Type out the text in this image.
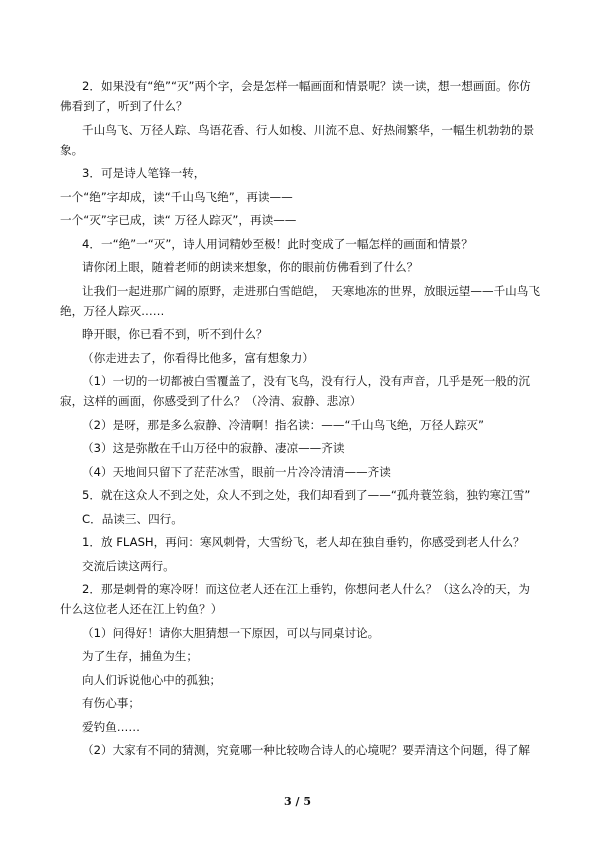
2．如果没有“绝”“灭”两个字，会是怎样一幅画面和情景呢？读一读，想一想画面。你仿佛看到了，听到了什么？

千山鸟飞、万径人踪、鸟语花香、行人如梭、川流不息、好热闹繁华，一幅生机勃勃的景象。

3．可是诗人笔锋一转，

一个“绝”字却成，读“千山鸟飞绝”，再读——

一个“灭”字已成，读“ 万径人踪灭”，再读——

4．一“绝”一“灭”，诗人用词精妙至极！此时变成了一幅怎样的画面和情景？

请你闭上眼，随着老师的朗读来想象，你的眼前仿佛看到了什么？

让我们一起进那广阔的原野，走进那白雪皑皑，　天寒地冻的世界，放眼远望——千山鸟飞绝，万径人踪灭……

睁开眼，你已看不到，听不到什么？

（你走进去了，你看得比他多，富有想象力）

（1）一切的一切都被白雪覆盖了，没有飞鸟，没有行人，没有声音，几乎是死一般的沉寂，这样的画面，你感受到了什么？（冷清、寂静、悲凉）

（2）是呀，那是多么寂静、冷清啊！指名读：——“千山鸟飞绝，万径人踪灭”

（3）这是弥散在千山万径中的寂静、凄凉——齐读

（4）天地间只留下了茫茫冰雪，眼前一片冷冷清清——齐读

5．就在这众人不到之处，众人不到之处，我们却看到了——“孤舟蓑笠翁，独钓寒江雪”

C．品读三、四行。

1．放 FLASH，再问：寒风刺骨，大雪纷飞，老人却在独自垂钓，你感受到老人什么？

交流后读这两行。

2．那是刺骨的寒冷呀！而这位老人还在江上垂钓，你想问老人什么？（这么冷的天，为什么这位老人还在江上钓鱼？）

（1）问得好！请你大胆猜想一下原因，可以与同桌讨论。

为了生存，捕鱼为生；

向人们诉说他心中的孤独；

有伤心事；

爱钓鱼……

（2）大家有不同的猜测，究竟哪一种比较吻合诗人的心境呢？要弄清这个问题，得了解

3 / 5
